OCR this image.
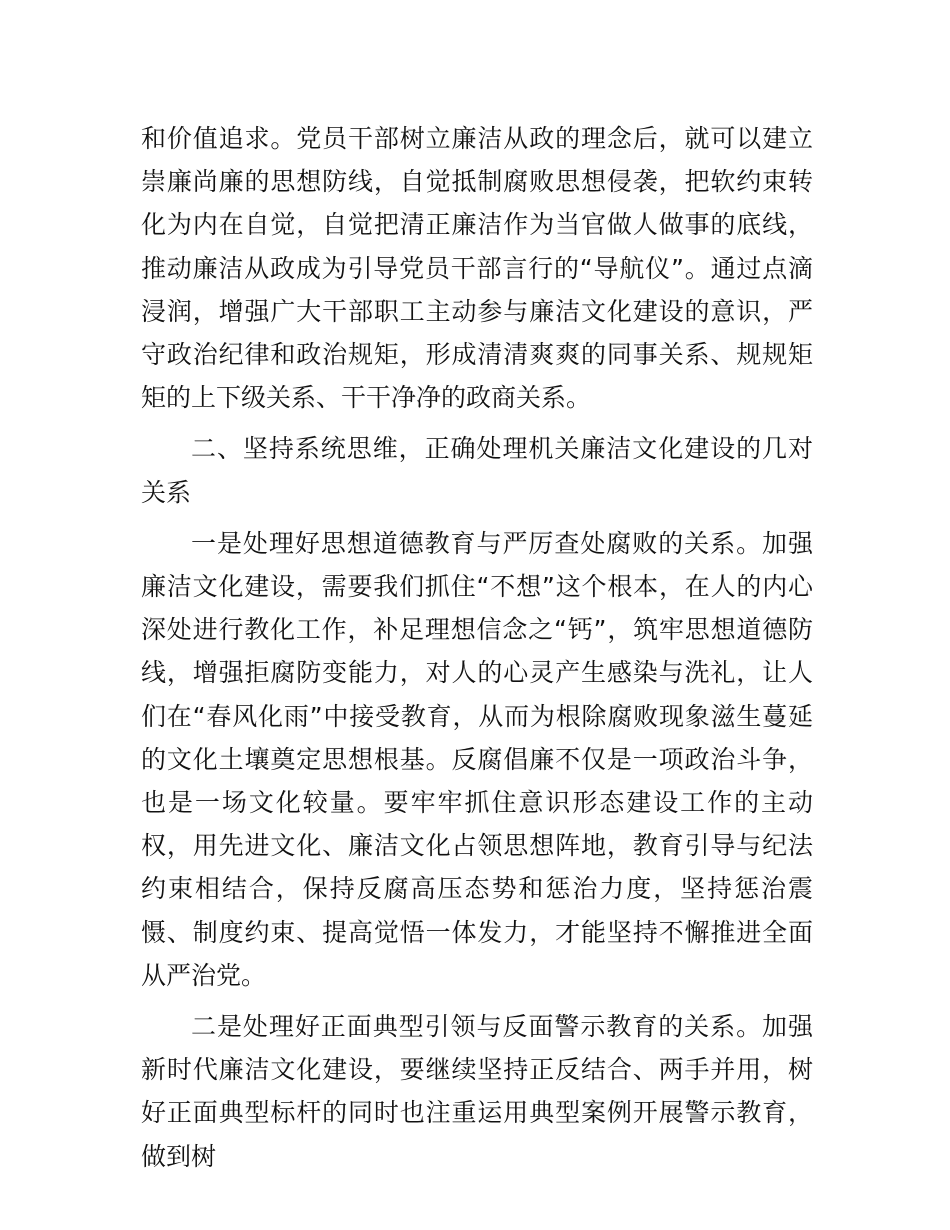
和价值追求。党员干部树立廉洁从政的理念后，就可以建立崇廉尚廉的思想防线，自觉抵制腐败思想侵袭，把软约束转化为内在自觉，自觉把清正廉洁作为当官做人做事的底线，推动廉洁从政成为引导党员干部言行的“导航仪”。通过点滴浸润，增强广大干部职工主动参与廉洁文化建设的意识，严守政治纪律和政治规矩，形成清清爽爽的同事关系、规规矩矩的上下级关系、干干净净的政商关系。

二、坚持系统思维，正确处理机关廉洁文化建设的几对关系

一是处理好思想道德教育与严厉查处腐败的关系。加强廉洁文化建设，需要我们抓住“不想”这个根本，在人的内心深处进行教化工作，补足理想信念之“钙”，筑牢思想道德防线，增强拒腐防变能力，对人的心灵产生感染与洗礼，让人们在“春风化雨”中接受教育，从而为根除腐败现象滋生蔓延的文化土壤奠定思想根基。反腐倡廉不仅是一项政治斗争，也是一场文化较量。要牢牢抓住意识形态建设工作的主动权，用先进文化、廉洁文化占领思想阵地，教育引导与纪法约束相结合，保持反腐高压态势和惩治力度，坚持惩治震慑、制度约束、提高觉悟一体发力，才能坚持不懈推进全面从严治党。

二是处理好正面典型引领与反面警示教育的关系。加强新时代廉洁文化建设，要继续坚持正反结合、两手并用，树好正面典型标杆的同时也注重运用典型案例开展警示教育，做到树
